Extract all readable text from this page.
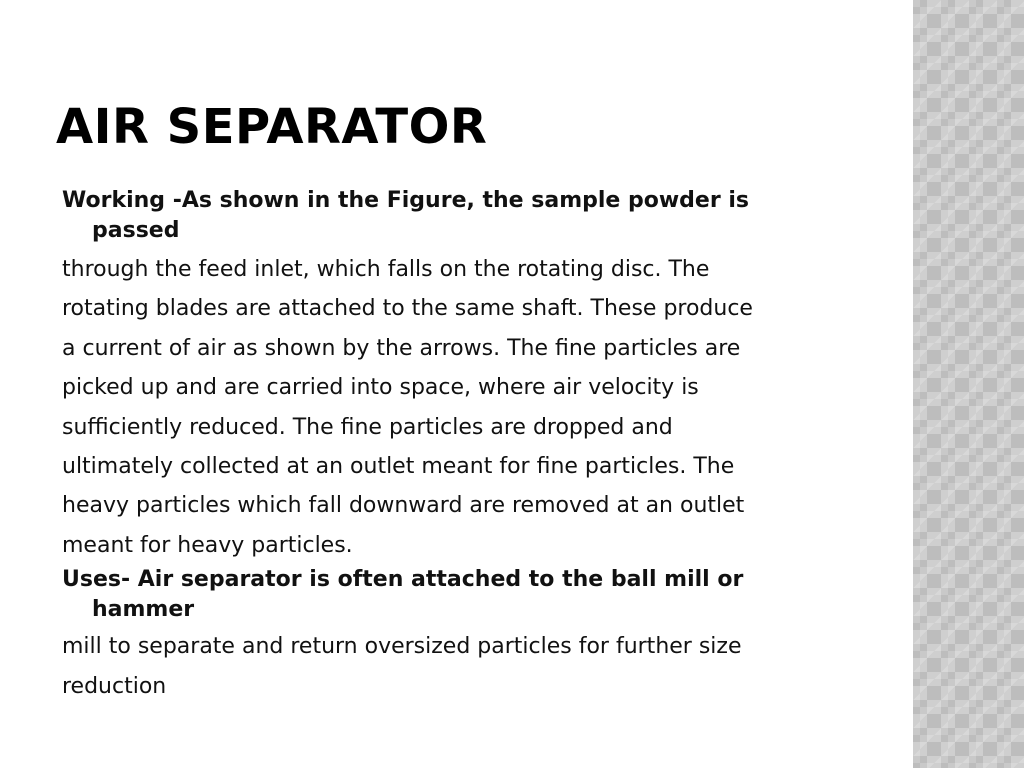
AIR SEPARATOR

Working -As shown in the Figure, the sample powder is passed

through the feed inlet, which falls on the rotating disc. The

rotating blades are attached to the same shaft. These produce

a current of air as shown by the arrows. The fine particles are

picked up and are carried into space, where air velocity is

sufficiently reduced. The fine particles are dropped and

ultimately collected at an outlet meant for fine particles. The

heavy particles which fall downward are removed at an outlet

meant for heavy particles.

Uses- Air separator is often attached to the ball mill or hammer

mill to separate and return oversized particles for further size

reduction
